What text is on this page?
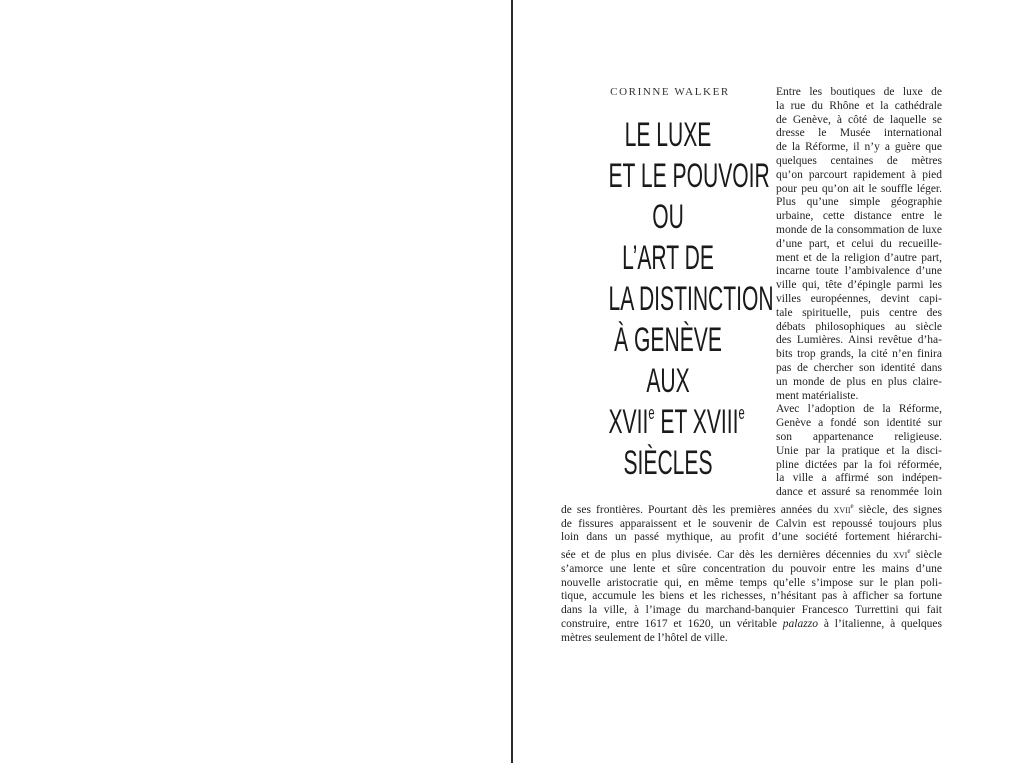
CORINNE WALKER
LE LUXE
ET LE POUVOIR
OU
L’ART DE
LA DISTINCTION
À GENÈVE
AUX
XVIIe ET XVIIIe
SIÈCLES
Entre les boutiques de luxe de
la rue du Rhône et la cathédrale
de Genève, à côté de laquelle se
dresse le Musée international
de la Réforme, il n’y a guère que
quelques centaines de mètres
qu’on parcourt rapidement à pied
pour peu qu’on ait le souffle léger.
Plus qu’une simple géographie
urbaine, cette distance entre le
monde de la consommation de luxe
d’une part, et celui du recueille-
ment et de la religion d’autre part,
incarne toute l’ambivalence d’une
ville qui, tête d’épingle parmi les
villes européennes, devint capi-
tale spirituelle, puis centre des
débats philosophiques au siècle
des Lumières. Ainsi revêtue d’ha-
bits trop grands, la cité n’en finira
pas de chercher son identité dans
un monde de plus en plus claire-
ment matérialiste.
Avec l’adoption de la Réforme,
Genève a fondé son identité sur
son appartenance religieuse.
Unie par la pratique et la disci-
pline dictées par la foi réformée,
la ville a affirmé son indépen-
dance et assuré sa renommée loin
de ses frontières. Pourtant dès les premières années du xvii$^e$ siècle, des signes
de fissures apparaissent et le souvenir de Calvin est repoussé toujours plus
loin dans un passé mythique, au profit d’une société fortement hiérarchi-
sée et de plus en plus divisée. Car dès les dernières décennies du xvi$^e$ siècle
s’amorce une lente et sûre concentration du pouvoir entre les mains d’une
nouvelle aristocratie qui, en même temps qu’elle s’impose sur le plan poli-
tique, accumule les biens et les richesses, n’hésitant pas à afficher sa fortune
dans la ville, à l’image du marchand-banquier Francesco Turrettini qui fait
construire, entre 1617 et 1620, un véritable palazzo à l’italienne, à quelques
mètres seulement de l’hôtel de ville.
